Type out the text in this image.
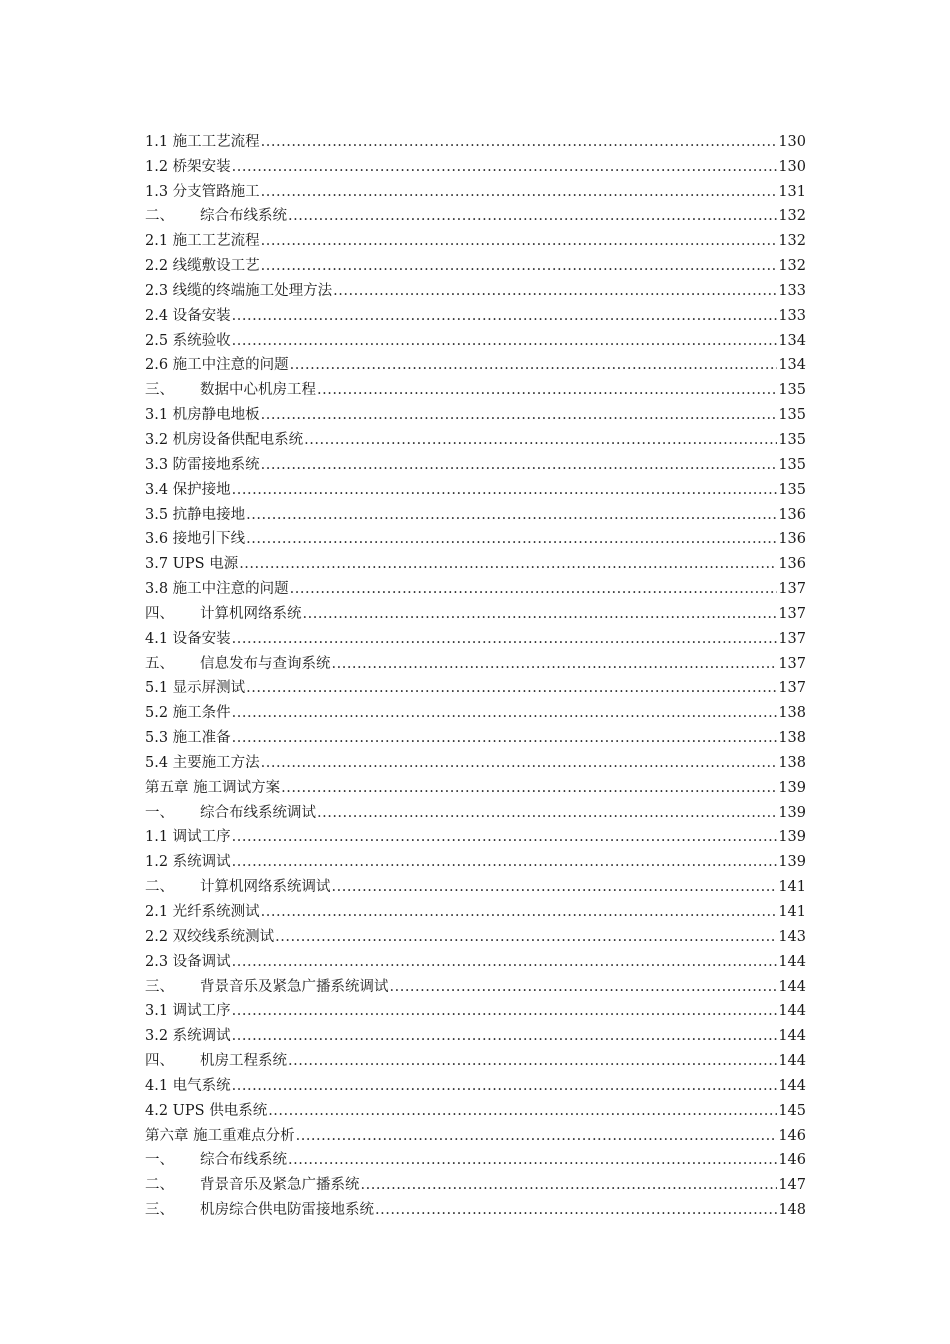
1.1 施工工艺流程 .....	130
1.2 桥架安装 .....	130
1.3 分支管路施工 .....	131
二、 综合布线系统 .....	132
2.1 施工工艺流程 .....	132
2.2 线缆敷设工艺 .....	132
2.3 线缆的终端施工处理方法 .....	133
2.4 设备安装 .....	133
2.5 系统验收 .....	134
2.6 施工中注意的问题 .....	134
三、 数据中心机房工程 .....	135
3.1 机房静电地板 .....	135
3.2 机房设备供配电系统 .....	135
3.3 防雷接地系统 .....	135
3.4 保护接地 .....	135
3.5 抗静电接地 .....	136
3.6 接地引下线 .....	136
3.7 UPS 电源 .....	136
3.8 施工中注意的问题 .....	137
四、 计算机网络系统 .....	137
4.1 设备安装 .....	137
五、 信息发布与查询系统 .....	137
5.1 显示屏测试 .....	137
5.2 施工条件 .....	138
5.3 施工准备 .....	138
5.4 主要施工方法 .....	138
第五章 施工调试方案 .....	139
一、 综合布线系统调试 .....	139
1.1 调试工序 .....	139
1.2 系统调试 .....	139
二、 计算机网络系统调试 .....	141
2.1 光纤系统测试 .....	141
2.2 双绞线系统测试 .....	143
2.3 设备调试 .....	144
三、 背景音乐及紧急广播系统调试 .....	144
3.1 调试工序 .....	144
3.2 系统调试 .....	144
四、 机房工程系统 .....	144
4.1 电气系统 .....	144
4.2 UPS 供电系统 .....	145
第六章 施工重难点分析 .....	146
一、 综合布线系统 .....	146
二、 背景音乐及紧急广播系统 .....	147
三、 机房综合供电防雷接地系统 .....	148
